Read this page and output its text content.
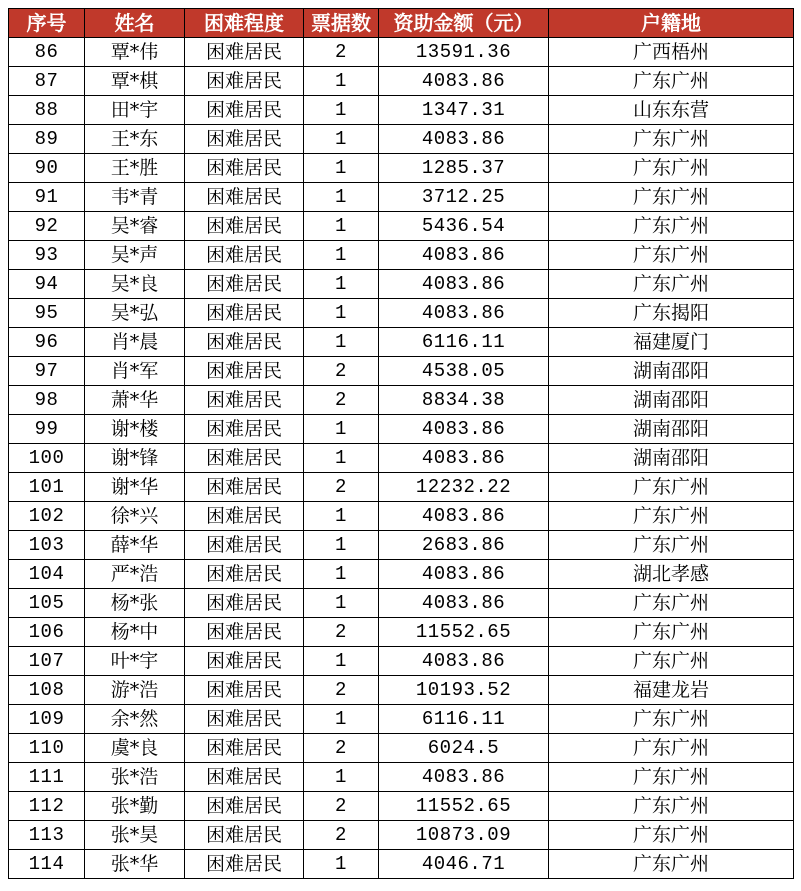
序号	姓名	困难程度	票据数	资助金额（元）	户籍地
86	覃*伟	困难居民	2	13591.36	广西梧州
87	覃*棋	困难居民	1	4083.86	广东广州
88	田*宇	困难居民	1	1347.31	山东东营
89	王*东	困难居民	1	4083.86	广东广州
90	王*胜	困难居民	1	1285.37	广东广州
91	韦*青	困难居民	1	3712.25	广东广州
92	吴*睿	困难居民	1	5436.54	广东广州
93	吴*声	困难居民	1	4083.86	广东广州
94	吴*良	困难居民	1	4083.86	广东广州
95	吴*弘	困难居民	1	4083.86	广东揭阳
96	肖*晨	困难居民	1	6116.11	福建厦门
97	肖*军	困难居民	2	4538.05	湖南邵阳
98	萧*华	困难居民	2	8834.38	湖南邵阳
99	谢*楼	困难居民	1	4083.86	湖南邵阳
100	谢*锋	困难居民	1	4083.86	湖南邵阳
101	谢*华	困难居民	2	12232.22	广东广州
102	徐*兴	困难居民	1	4083.86	广东广州
103	薛*华	困难居民	1	2683.86	广东广州
104	严*浩	困难居民	1	4083.86	湖北孝感
105	杨*张	困难居民	1	4083.86	广东广州
106	杨*中	困难居民	2	11552.65	广东广州
107	叶*宇	困难居民	1	4083.86	广东广州
108	游*浩	困难居民	2	10193.52	福建龙岩
109	余*然	困难居民	1	6116.11	广东广州
110	虞*良	困难居民	2	6024.5	广东广州
111	张*浩	困难居民	1	4083.86	广东广州
112	张*勤	困难居民	2	11552.65	广东广州
113	张*昊	困难居民	2	10873.09	广东广州
114	张*华	困难居民	1	4046.71	广东广州
